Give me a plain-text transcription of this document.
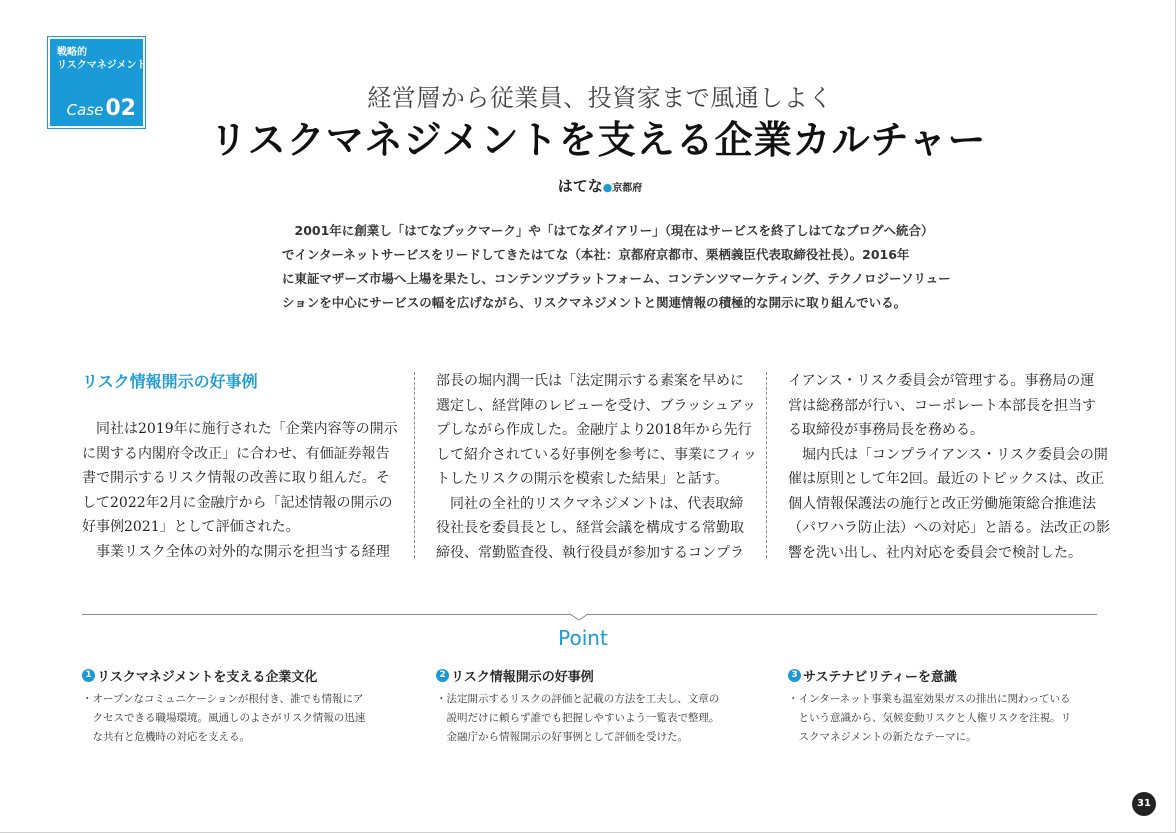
戦略的
リスクマネジメント
Case02	経営層から従業員、投資家まで風通しよく
リスクマネジメントを支える企業カルチャー
はてな●京都府

　2001年に創業し「はてなブックマーク」や「はてなダイアリー」（現在はサービスを終了しはてなブログへ統合）

でインターネットサービスをリードしてきたはてな（本社：京都府京都市、栗栖義臣代表取締役社長）。2016年

に東証マザーズ市場へ上場を果たし、コンテンツプラットフォーム、コンテンツマーケティング、テクノロジーソリュー

ションを中心にサービスの幅を広げながら、リスクマネジメントと関連情報の積極的な開示に取り組んでいる。

リスク情報開示の好事例

　同社は2019年に施行された「企業内容等の開示

に関する内閣府令改正」に合わせ、有価証券報告

書で開示するリスク情報の改善に取り組んだ。そ

して2022年2月に金融庁から「記述情報の開示の

好事例2021」として評価された。

　事業リスク全体の対外的な開示を担当する経理

部長の堀内潤一氏は「法定開示する素案を早めに

選定し、経営陣のレビューを受け、ブラッシュアッ

プしながら作成した。金融庁より2018年から先行

して紹介されている好事例を参考に、事業にフィッ

トしたリスクの開示を模索した結果」と話す。

　同社の全社的リスクマネジメントは、代表取締

役社長を委員長とし、経営会議を構成する常勤取

締役、常勤監査役、執行役員が参加するコンプラ

イアンス・リスク委員会が管理する。事務局の運

営は総務部が行い、コーポレート本部長を担当す

る取締役が事務局長を務める。

　堀内氏は「コンプライアンス・リスク委員会の開

催は原則として年2回。最近のトピックスは、改正

個人情報保護法の施行と改正労働施策総合推進法

（パワハラ防止法）への対応」と語る。法改正の影

響を洗い出し、社内対応を委員会で検討した。

Point
1 リスクマネジメントを支える企業文化

・オープンなコミュニケーションが根付き、誰でも情報にア

　クセスできる職場環境。風通しのよさがリスク情報の迅速

　な共有と危機時の対応を支える。

2 リスク情報開示の好事例

・法定開示するリスクの評価と記載の方法を工夫し、文章の

　説明だけに頼らず誰でも把握しやすいよう一覧表で整理。

　金融庁から情報開示の好事例として評価を受けた。

3 サステナビリティーを意識

・インターネット事業も温室効果ガスの排出に関わっている

　という意識から、気候変動リスクと人権リスクを注視。リ

　スクマネジメントの新たなテーマに。

31
